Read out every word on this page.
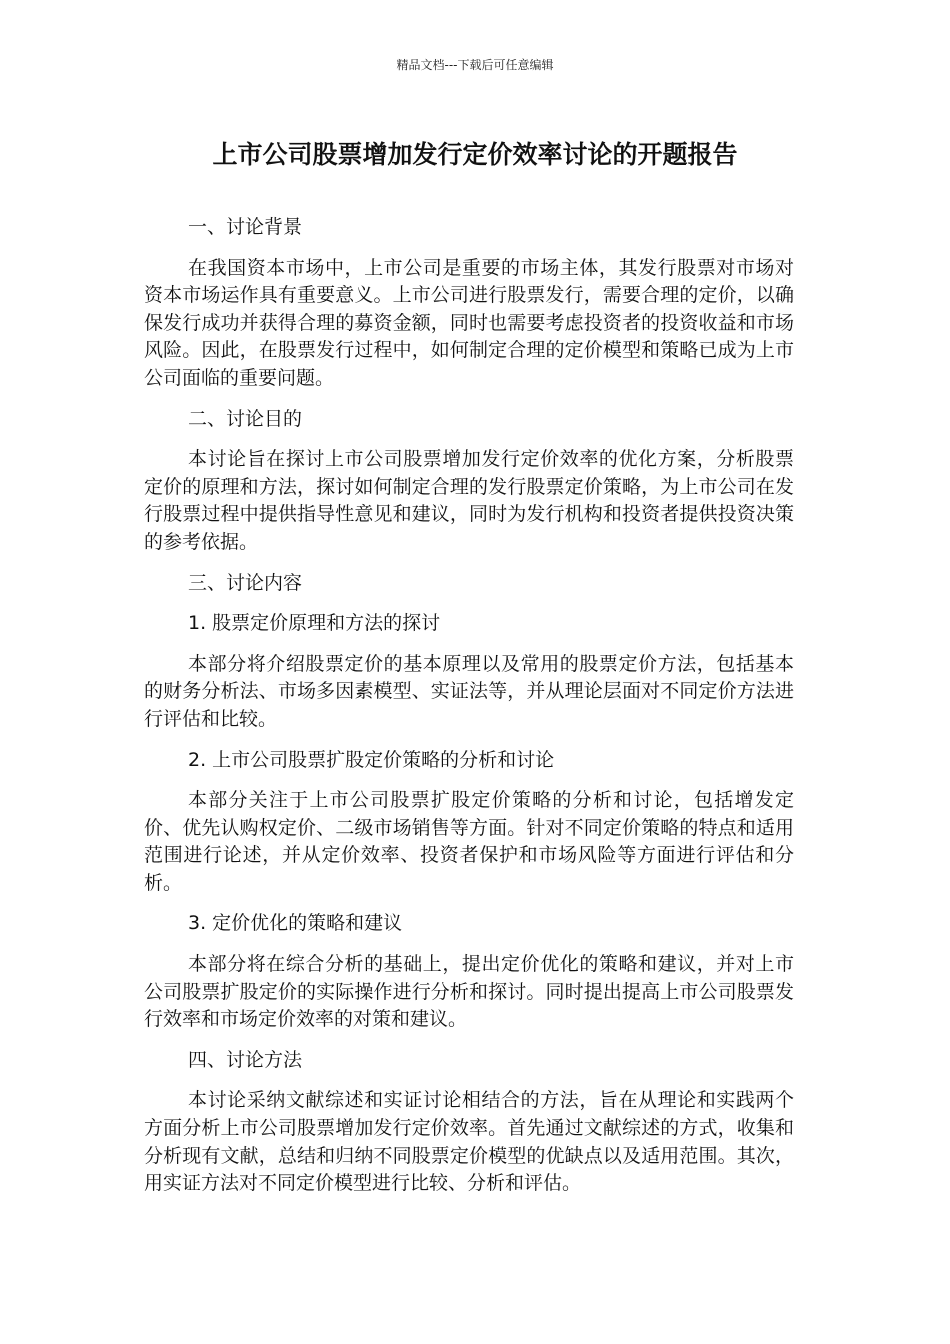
精品文档---下载后可任意编辑
上市公司股票增加发行定价效率讨论的开题报告

一、讨论背景

在我国资本市场中，上市公司是重要的市场主体，其发行股票对市场对资本市场运作具有重要意义。上市公司进行股票发行，需要合理的定价，以确保发行成功并获得合理的募资金额，同时也需要考虑投资者的投资收益和市场风险。因此，在股票发行过程中，如何制定合理的定价模型和策略已成为上市公司面临的重要问题。

二、讨论目的

本讨论旨在探讨上市公司股票增加发行定价效率的优化方案，分析股票定价的原理和方法，探讨如何制定合理的发行股票定价策略，为上市公司在发行股票过程中提供指导性意见和建议，同时为发行机构和投资者提供投资决策的参考依据。

三、讨论内容

1. 股票定价原理和方法的探讨

本部分将介绍股票定价的基本原理以及常用的股票定价方法，包括基本的财务分析法、市场多因素模型、实证法等，并从理论层面对不同定价方法进行评估和比较。

2. 上市公司股票扩股定价策略的分析和讨论

本部分关注于上市公司股票扩股定价策略的分析和讨论，包括增发定价、优先认购权定价、二级市场销售等方面。针对不同定价策略的特点和适用范围进行论述，并从定价效率、投资者保护和市场风险等方面进行评估和分析。

3. 定价优化的策略和建议

本部分将在综合分析的基础上，提出定价优化的策略和建议，并对上市公司股票扩股定价的实际操作进行分析和探讨。同时提出提高上市公司股票发行效率和市场定价效率的对策和建议。

四、讨论方法

本讨论采纳文献综述和实证讨论相结合的方法，旨在从理论和实践两个方面分析上市公司股票增加发行定价效率。首先通过文献综述的方式，收集和分析现有文献，总结和归纳不同股票定价模型的优缺点以及适用范围。其次，用实证方法对不同定价模型进行比较、分析和评估。
